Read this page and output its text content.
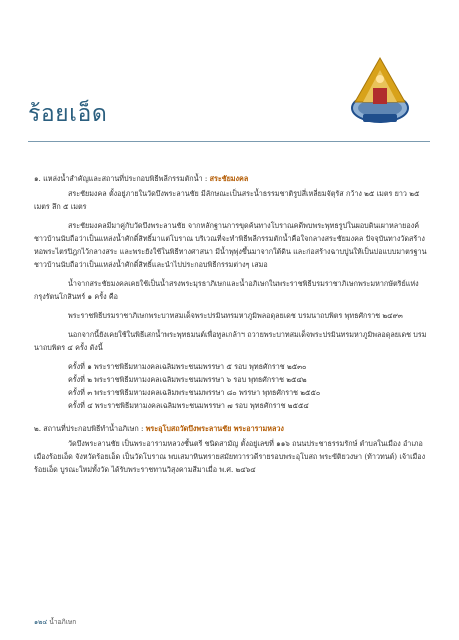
ร้อยเอ็ด

๑. แหล่งน้ำสำคัญและสถานที่ประกอบพิธีพลีกรรมตักน้ำ : สระชัยมงคล

สระชัยมงคล ตั้งอยู่ภายในวัดบึงพระลานชัย มีลักษณะเป็นสระน้ำธรรมชาติรูปสี่เหลี่ยมจัตุรัส กว้าง ๒๕ เมตร ยาว ๒๕ เมตร ลึก ๕ เมตร

สระชัยมงคลมีมาคู่กับวัดบึงพระลานชัย จากหลักฐานการขุดค้นทางโบราณคดีพบพระพุทธรูปในผอบดินเผาหลายองค์ ชาวบ้านนับถือว่าเป็นแหล่งน้ำศักดิ์สิทธิ์มาแต่โบราณ บริเวณที่จะทำพิธีพลีกรรมตักน้ำคือใจกลางสระชัยมงคล ปัจจุบันทางวัดสร้างหอพระไตรปิฎกไว้กลางสระ และพระยังใช้ในพิธีทางศาสนา มีน้ำพุพุ่งขึ้นมาจากใต้ดิน และก่อสร้างฉาบปูนให้เป็นบ่อแบบมาตรฐาน ชาวบ้านนับถือว่าเป็นแหล่งน้ำศักดิ์สิทธิ์และนำไปประกอบพิธีกรรมต่างๆ เสมอ

น้ำจากสระชัยมงคลเคยใช้เป็นน้ำสรงพระมุรธาภิเษกและน้ำอภิเษกในพระราชพิธีบรมราชาภิเษกพระมหากษัตริย์แห่งกรุงรัตนโกสินทร์ ๑ ครั้ง คือ

พระราชพิธีบรมราชาภิเษกพระบาทสมเด็จพระปรมินทรมหาภูมิพลอดุลยเดช บรมนาถบพิตร พุทธศักราช ๒๔๙๓

นอกจากนี้ยังเคยใช้ในพิธีเสกน้ำพระพุทธมนต์เพื่อทูลเกล้าฯ ถวายพระบาทสมเด็จพระปรมินทรมหาภูมิพลอดุลยเดช บรมนาถบพิตร ๔ ครั้ง ดังนี้

ครั้งที่ ๑ พระราชพิธีมหามงคลเฉลิมพระชนมพรรษา ๕ รอบ พุทธศักราช ๒๕๓๐

ครั้งที่ ๒ พระราชพิธีมหามงคลเฉลิมพระชนมพรรษา ๖ รอบ พุทธศักราช ๒๕๔๒

ครั้งที่ ๓ พระราชพิธีมหามงคลเฉลิมพระชนมพรรษา ๘๐ พรรษา พุทธศักราช ๒๕๕๐

ครั้งที่ ๔ พระราชพิธีมหามงคลเฉลิมพระชนมพรรษา ๗ รอบ พุทธศักราช ๒๕๕๔

๒. สถานที่ประกอบพิธีทำน้ำอภิเษก : พระอุโบสถวัดบึงพระลานชัย พระอารามหลวง

วัดบึงพระลานชัย เป็นพระอารามหลวงชั้นตรี ชนิดสามัญ ตั้งอยู่เลขที่ ๑๑๖ ถนนประชาธรรมรักษ์ ตำบลในเมือง อำเภอเมืองร้อยเอ็ด จังหวัดร้อยเอ็ด เป็นวัดโบราณ พบเสมาหินทรายสมัยทวารวดีรายรอบพระอุโบสถ พระขัติยวงษา (ท้าวทนต์) เจ้าเมืองร้อยเอ็ด บูรณะใหม่ทั้งวัด ได้รับพระราชทานวิสุงคามสีมาเมื่อ พ.ศ. ๒๔๖๔

๑๒๔ น้ำอภิเษก
